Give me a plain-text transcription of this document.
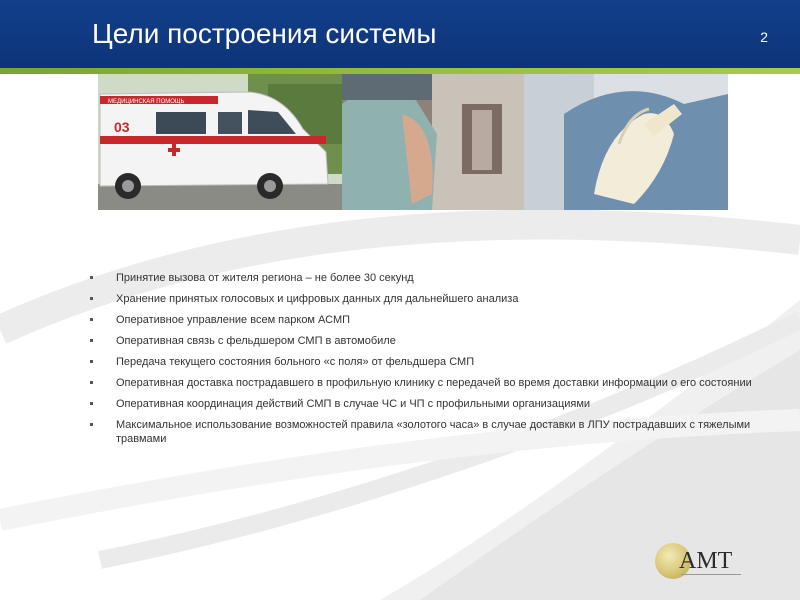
Цели построения системы	2
МЕДИЦИНСКАЯ ПОМОЩЬ
03
Принятие вызова от жителя региона – не более 30 секунд
Хранение принятых голосовых и цифровых данных для дальнейшего анализа
Оперативное управление всем парком АСМП
Оперативная связь с фельдшером СМП в автомобиле
Передача текущего состояния больного «с поля» от фельдшера СМП
Оперативная доставка пострадавшего в профильную клинику с передачей во время доставки информации о его состоянии
Оперативная координация действий СМП в случае ЧС и ЧП с профильными организациями
Максимальное использование возможностей правила «золотого часа» в случае доставки в ЛПУ пострадавших с тяжелыми травмами
AMT
